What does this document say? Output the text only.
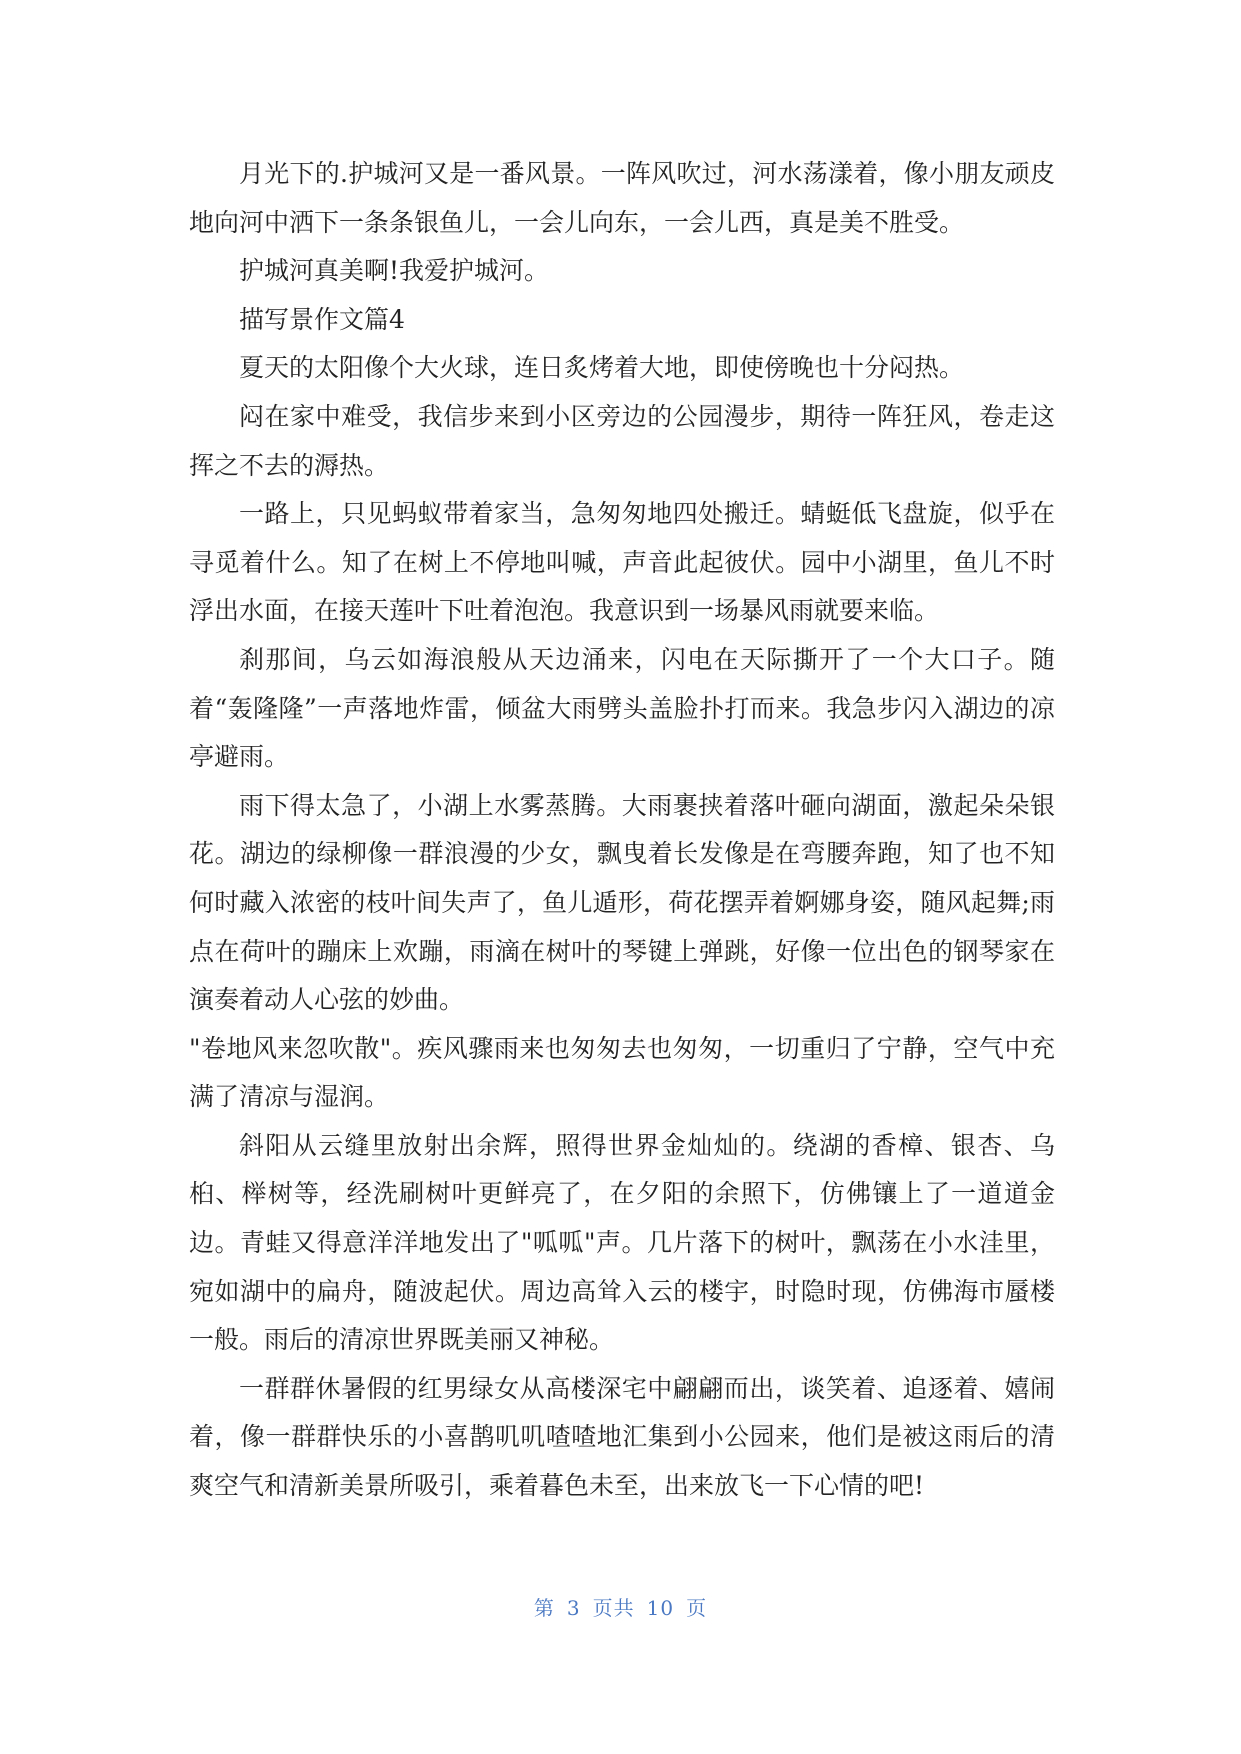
月光下的.护城河又是一番风景。一阵风吹过，河水荡漾着，像小朋友顽皮地向河中洒下一条条银鱼儿，一会儿向东，一会儿西，真是美不胜受。

护城河真美啊!我爱护城河。

描写景作文篇4

夏天的太阳像个大火球，连日炙烤着大地，即使傍晚也十分闷热。

闷在家中难受，我信步来到小区旁边的公园漫步，期待一阵狂风，卷走这挥之不去的溽热。

一路上，只见蚂蚁带着家当，急匆匆地四处搬迁。蜻蜓低飞盘旋，似乎在寻觅着什么。知了在树上不停地叫喊，声音此起彼伏。园中小湖里，鱼儿不时浮出水面，在接天莲叶下吐着泡泡。我意识到一场暴风雨就要来临。

刹那间，乌云如海浪般从天边涌来，闪电在天际撕开了一个大口子。随着“轰隆隆”一声落地炸雷，倾盆大雨劈头盖脸扑打而来。我急步闪入湖边的凉亭避雨。

雨下得太急了，小湖上水雾蒸腾。大雨裹挟着落叶砸向湖面，激起朵朵银花。湖边的绿柳像一群浪漫的少女，飘曳着长发像是在弯腰奔跑，知了也不知何时藏入浓密的枝叶间失声了，鱼儿遁形，荷花摆弄着婀娜身姿，随风起舞;雨点在荷叶的蹦床上欢蹦，雨滴在树叶的琴键上弹跳，好像一位出色的钢琴家在演奏着动人心弦的妙曲。

"卷地风来忽吹散"。疾风骤雨来也匆匆去也匆匆，一切重归了宁静，空气中充满了清凉与湿润。

斜阳从云缝里放射出余辉，照得世界金灿灿的。绕湖的香樟、银杏、乌桕、榉树等，经洗刷树叶更鲜亮了，在夕阳的余照下，仿佛镶上了一道道金边。青蛙又得意洋洋地发出了"呱呱"声。几片落下的树叶，飘荡在小水洼里，宛如湖中的扁舟，随波起伏。周边高耸入云的楼宇，时隐时现，仿佛海市蜃楼一般。雨后的清凉世界既美丽又神秘。

一群群休暑假的红男绿女从高楼深宅中翩翩而出，谈笑着、追逐着、嬉闹着，像一群群快乐的小喜鹊叽叽喳喳地汇集到小公园来，他们是被这雨后的清爽空气和清新美景所吸引，乘着暮色未至，出来放飞一下心情的吧!

第 3 页共 10 页
